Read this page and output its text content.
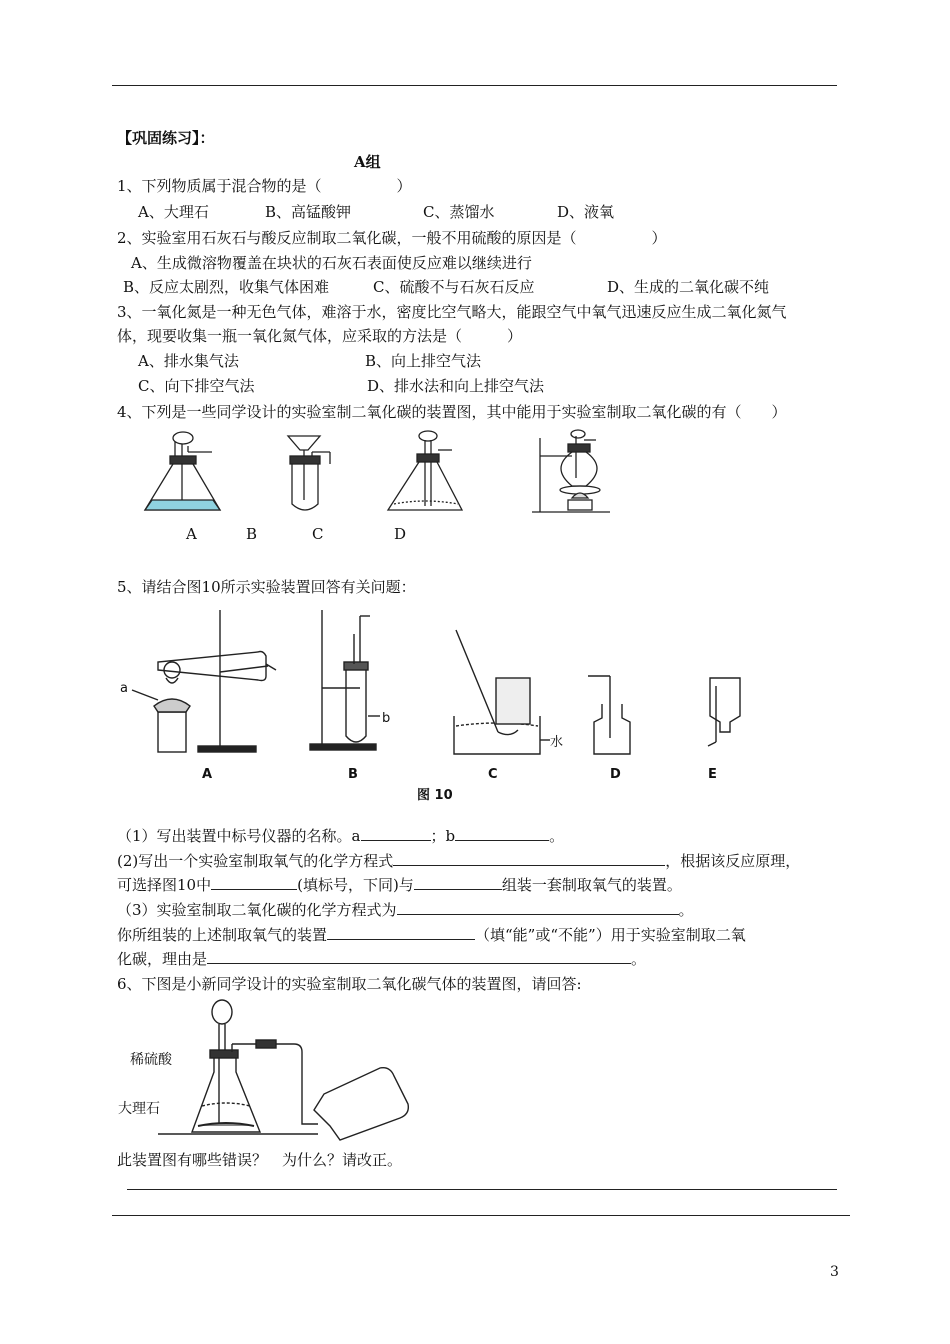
【巩固练习】：
A组
1、下列物质属于混合物的是（　　　　　）
A、大理石	B、高锰酸钾	C、蒸馏水	D、液氧
2、实验室用石灰石与酸反应制取二氧化碳，一般不用硫酸的原因是（　　　　　）
A、生成微溶物覆盖在块状的石灰石表面使反应难以继续进行
B、反应太剧烈，收集气体困难	C、硫酸不与石灰石反应	D、生成的二氧化碳不纯
3、一氧化氮是一种无色气体，难溶于水，密度比空气略大，能跟空气中氧气迅速反应生成二氧化氮气
体，现要收集一瓶一氧化氮气体，应采取的方法是（　　　）
A、排水集气法	B、向上排空气法
C、向下排空气法	D、排水法和向上排空气法
4、下列是一些同学设计的实验室制二氧化碳的装置图，其中能用于实验室制取二氧化碳的有（　　）
A	B	C	D
5、请结合图10所示实验装置回答有关问题：
a
b
水
A	B	C	D	E
图 10
（1）写出装置中标号仪器的名称。a	；b	。
(2)写出一个实验室制取氧气的化学方程式	，根据该反应原理，
可选择图10中	(填标号，下同)与	组装一套制取氧气的装置。
（3）实验室制取二氧化碳的化学方程式为	。
你所组装的上述制取氧气的装置	（填“能”或“不能”）用于实验室制取二氧
化碳，理由是	。
6、下图是小新同学设计的实验室制取二氧化碳气体的装置图，请回答:
稀硫酸
大理石
此装置图有哪些错误？　为什么？请改正。
3
